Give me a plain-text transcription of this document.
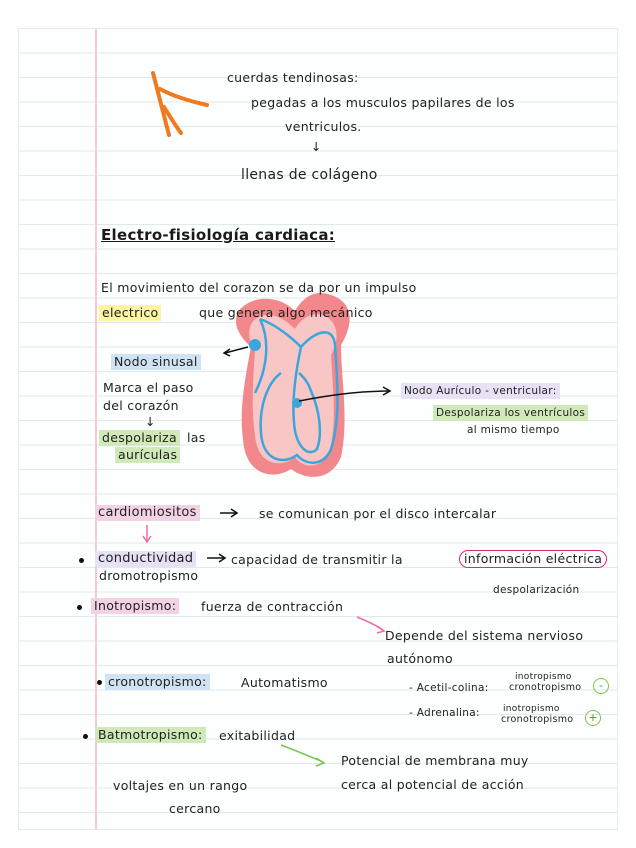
cuerdas tendinosas:
pegadas a los musculos papilares de los
ventriculos.
↓
llenas de colágeno
Electro-fisiología cardiaca:
El movimiento del corazon se da por un impulso
electrico	que genera algo mecánico
Nodo sinusal
Marca el paso
del corazón
↓
despolariza las
aurículas
Nodo Aurículo - ventricular:
Despolariza los ventrículos
al mismo tiempo
cardiomiositos	se comunican por el disco intercalar
conductividad	capacidad de transmitir la	información eléctrica
dromotropismo
despolarización
Inotropismo: fuerza de contracción
Depende del sistema nervioso
autónomo
cronotropismo:	Automatismo	- Acetil-colina:
inotropismo
cronotropismo	-
- Adrenalina:	inotropismo
cronotropismo	+
Batmotropismo: exitabilidad
Potencial de membrana muy
cerca al potencial de acción
voltajes en un rango
cercano
